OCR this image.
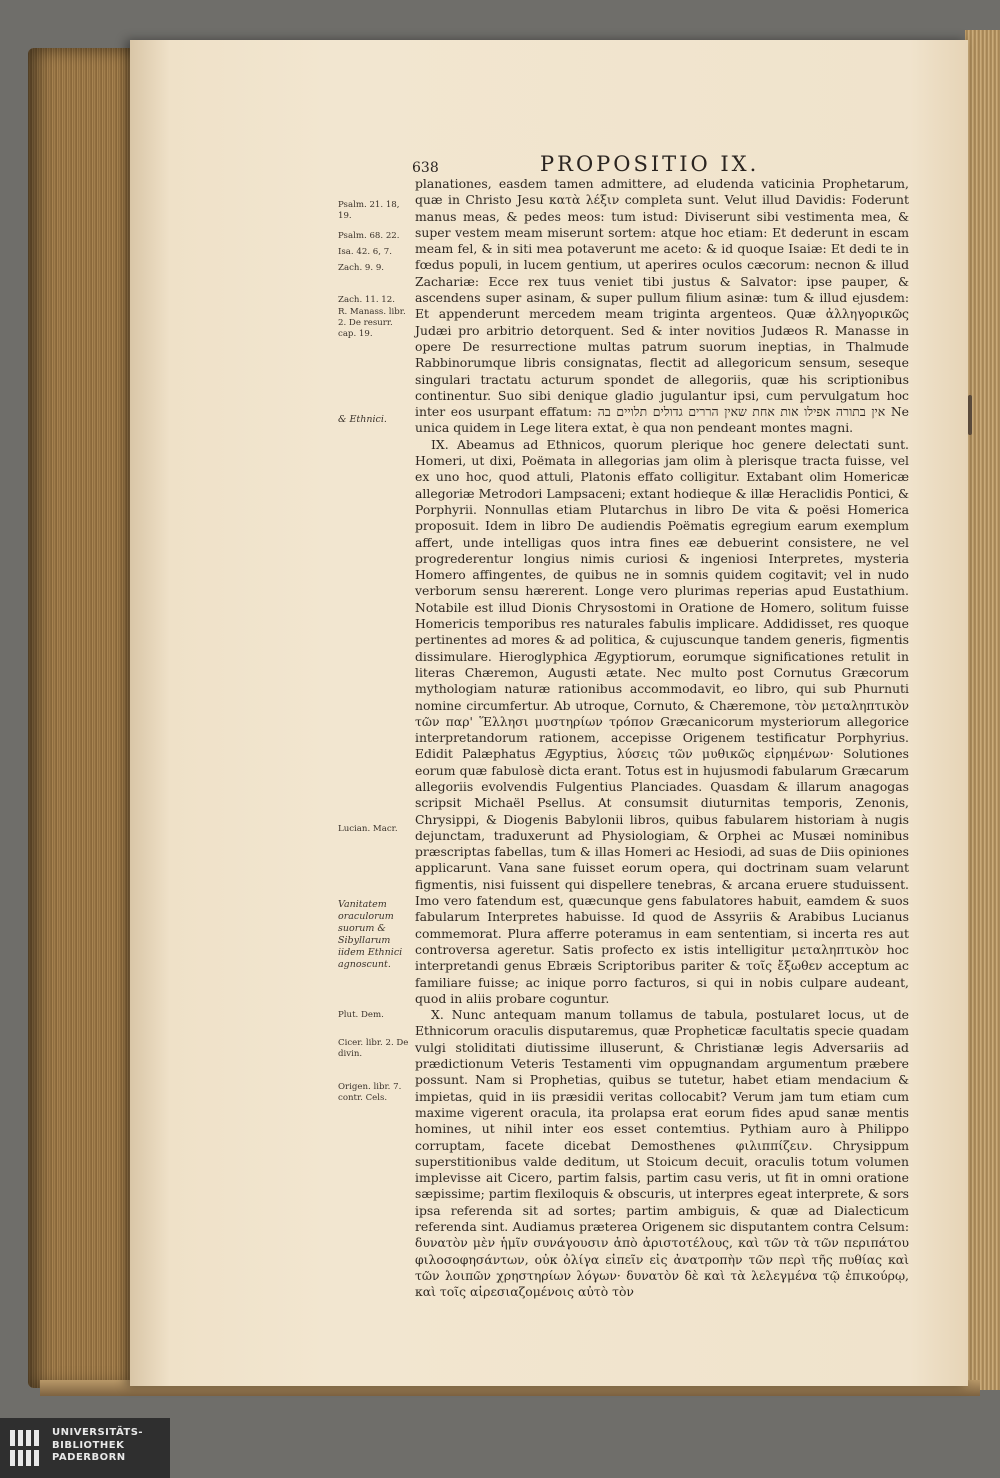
638	PROPOSITIO IX.
Psalm. 21. 18, 19.
Psalm. 68. 22.
Isa. 42. 6, 7.
Zach. 9. 9.
Zach. 11. 12.
R. Manass. libr. 2. De resurr. cap. 19.
& Ethnici.
Lucian. Macr.
Vanitatem oraculorum suorum & Sibyllarum iidem Ethnici agnoscunt.
Plut. Dem.
Cicer. libr. 2. De divin.
Origen. libr. 7. contr. Cels.

planationes, easdem tamen admittere, ad eludenda vaticinia Prophetarum, quæ in Christo Jesu κατὰ λέξιν completa sunt. Velut illud Davidis: Foderunt manus meas, & pedes meos: tum istud: Diviserunt sibi vestimenta mea, & super vestem meam miserunt sortem: atque hoc etiam: Et dederunt in escam meam fel, & in siti mea potaverunt me aceto: & id quoque Isaiæ: Et dedi te in fœdus populi, in lucem gentium, ut aperires oculos cæcorum: necnon & illud Zachariæ: Ecce rex tuus veniet tibi justus & Salvator: ipse pauper, & ascendens super asinam, & super pullum filium asinæ: tum & illud ejusdem: Et appenderunt mercedem meam triginta argenteos. Quæ ἀλληγορικῶς Judæi pro arbitrio detorquent. Sed & inter novitios Judæos R. Manasse in opere De resurrectione multas patrum suorum ineptias, in Thalmude Rabbinorumque libris consignatas, flectit ad allegoricum sensum, seseque singulari tractatu acturum spondet de allegoriis, quæ his scriptionibus continentur. Suo sibi denique gladio jugulantur ipsi, cum pervulgatum hoc inter eos usurpant effatum: אין בתורה אפילו אות אחת שאין הררים גדולים תלויים בה Ne unica quidem in Lege litera extat, è qua non pendeant montes magni.

IX. Abeamus ad Ethnicos, quorum plerique hoc genere delectati sunt. Homeri, ut dixi, Poëmata in allegorias jam olim à plerisque tracta fuisse, vel ex uno hoc, quod attuli, Platonis effato colligitur. Extabant olim Homericæ allegoriæ Metrodori Lampsaceni; extant hodieque & illæ Heraclidis Pontici, & Porphyrii. Nonnullas etiam Plutarchus in libro De vita & poësi Homerica proposuit. Idem in libro De audiendis Poëmatis egregium earum exemplum affert, unde intelligas quos intra fines eæ debuerint consistere, ne vel progrederentur longius nimis curiosi & ingeniosi Interpretes, mysteria Homero affingentes, de quibus ne in somnis quidem cogitavit; vel in nudo verborum sensu hærerent. Longe vero plurimas reperias apud Eustathium. Notabile est illud Dionis Chrysostomi in Oratione de Homero, solitum fuisse Homericis temporibus res naturales fabulis implicare. Addidisset, res quoque pertinentes ad mores & ad politica, & cujuscunque tandem generis, figmentis dissimulare. Hieroglyphica Ægyptiorum, eorumque significationes retulit in literas Chæremon, Augusti ætate. Nec multo post Cornutus Græcorum mythologiam naturæ rationibus accommodavit, eo libro, qui sub Phurnuti nomine circumfertur. Ab utroque, Cornuto, & Chæremone, τὸν μεταληπτικὸν τῶν παρ' Ἕλλησι μυστηρίων τρόπον Græcanicorum mysteriorum allegorice interpretandorum rationem, accepisse Origenem testificatur Porphyrius. Edidit Palæphatus Ægyptius, λύσεις τῶν μυθικῶς εἰρημένων· Solutiones eorum quæ fabulosè dicta erant. Totus est in hujusmodi fabularum Græcarum allegoriis evolvendis Fulgentius Planciades. Quasdam & illarum anagogas scripsit Michaël Psellus. At consumsit diuturnitas temporis, Zenonis, Chrysippi, & Diogenis Babylonii libros, quibus fabularem historiam à nugis dejunctam, traduxerunt ad Physiologiam, & Orphei ac Musæi nominibus præscriptas fabellas, tum & illas Homeri ac Hesiodi, ad suas de Diis opiniones applicarunt. Vana sane fuisset eorum opera, qui doctrinam suam velarunt figmentis, nisi fuissent qui dispellere tenebras, & arcana eruere studuissent. Imo vero fatendum est, quæcunque gens fabulatores habuit, eamdem & suos fabularum Interpretes habuisse. Id quod de Assyriis & Arabibus Lucianus commemorat. Plura afferre poteramus in eam sententiam, si incerta res aut controversa ageretur. Satis profecto ex istis intelligitur μεταληπτικὸν hoc interpretandi genus Ebræis Scriptoribus pariter & τοῖς ἔξωθεν acceptum ac familiare fuisse; ac inique porro facturos, si qui in nobis culpare audeant, quod in aliis probare coguntur.

X. Nunc antequam manum tollamus de tabula, postularet locus, ut de Ethnicorum oraculis disputaremus, quæ Propheticæ facultatis specie quadam vulgi stoliditati diutissime illuserunt, & Christianæ legis Adversariis ad prædictionum Veteris Testamenti vim oppugnandam argumentum præbere possunt. Nam si Prophetias, quibus se tutetur, habet etiam mendacium & impietas, quid in iis præsidii veritas collocabit? Verum jam tum etiam cum maxime vigerent oracula, ita prolapsa erat eorum fides apud sanæ mentis homines, ut nihil inter eos esset contemtius. Pythiam auro à Philippo corruptam, facete dicebat Demosthenes φιλιππίζειν. Chrysippum superstitionibus valde deditum, ut Stoicum decuit, oraculis totum volumen implevisse ait Cicero, partim falsis, partim casu veris, ut fit in omni oratione sæpissime; partim flexiloquis & obscuris, ut interpres egeat interprete, & sors ipsa referenda sit ad sortes; partim ambiguis, & quæ ad Dialecticum referenda sint. Audiamus præterea Origenem sic disputantem contra Celsum: δυνατὸν μὲν ἡμῖν συνάγουσιν ἀπὸ ἀριστοτέλους, καὶ τῶν τὰ τῶν περιπάτου φιλοσοφησάντων, οὐκ ὀλίγα εἰπεῖν εἰς ἀνατροπὴν τῶν περὶ τῆς πυθίας καὶ τῶν λοιπῶν χρηστηρίων λόγων· δυνατὸν δὲ καὶ τὰ λελεγμένα τῷ ἐπικούρῳ, καὶ τοῖς αἱρεσιαζομένοις αὐτὸ τὸν

UNIVERSITÄTS-
BIBLIOTHEK
PADERBORN
